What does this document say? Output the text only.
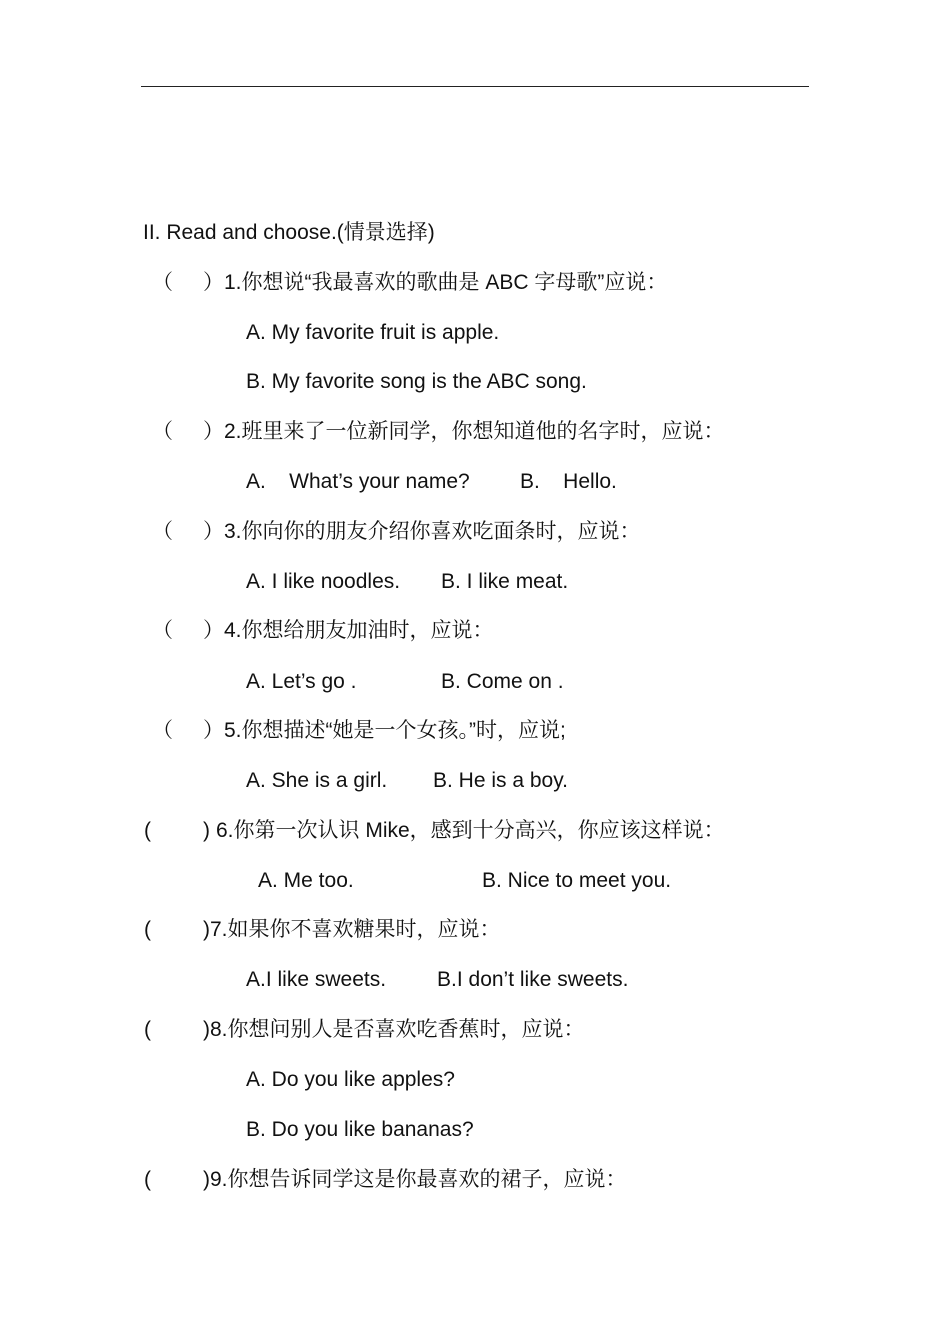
II. Read and choose.(情景选择)
（ ）1.你想说“我最喜欢的歌曲是 ABC 字母歌”应说：
A. My favorite fruit is apple.
B. My favorite song is the ABC song.
（ ）2.班里来了一位新同学，你想知道他的名字时，应说：
A.    What’s your name? B.    Hello.
（ ）3.你向你的朋友介绍你喜欢吃面条时，应说：
A. I like noodles. B. I like meat.
（ ）4.你想给朋友加油时，应说：
A. Let’s go .	B. Come on .
（ ）5.你想描述“她是一个女孩。”时，应说;
A. She is a girl. B. He is a boy.
( ) 6.你第一次认识 Mike，感到十分高兴，你应该这样说：
A. Me too.	B. Nice to meet you.
( )7.如果你不喜欢糖果时，应说：
A.I like sweets. B.I don’t like sweets.
( )8.你想问别人是否喜欢吃香蕉时，应说：
A. Do you like apples?
B. Do you like bananas?
( )9.你想告诉同学这是你最喜欢的裙子，应说：
